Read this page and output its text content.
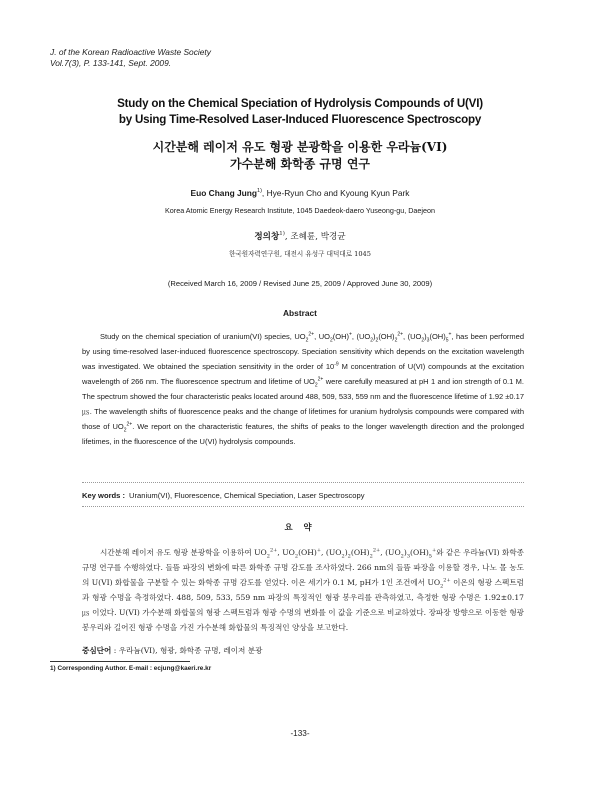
J. of the Korean Radioactive Waste Society
Vol.7(3), P. 133-141, Sept. 2009.
Study on the Chemical Speciation of Hydrolysis Compounds of U(VI)
by Using Time-Resolved Laser-Induced Fluorescence Spectroscopy
시간분해 레이저 유도 형광 분광학을 이용한 우라늄(VI)
가수분해 화학종 규명 연구
Euo Chang Jung$^{1)}$, Hye-Ryun Cho and Kyoung Kyun Park
Korea Atomic Energy Research Institute, 1045 Daedeok-daero Yuseong-gu, Daejeon
정의창$^{1)}$, 조혜륜, 박경균
한국원자력연구원, 대전시 유성구 대덕대로 1045
(Received March 16, 2009 / Revised June 25, 2009 / Approved June 30, 2009)
Abstract

Study on the chemical speciation of uranium(VI) species, $UO_2^{2+}$, $UO_2(OH)^+$, $(UO_2)_2(OH)_2^{2+}$, $(UO_2)_3(OH)_5^+$, has been performed by using time-resolved laser-induced fluorescence spectroscopy. Speciation sensitivity which depends on the excitation wavelength was investigated. We obtained the speciation sensitivity in the order of $10^{-9}$ M concentration of U(VI) compounds at the excitation wavelength of 266 nm. The fluorescence spectrum and lifetime of $UO_2^{2+}$ were carefully measured at pH 1 and ion strength of 0.1 M. The spectrum showed the four characteristic peaks located around 488, 509, 533, 559 nm and the fluorescence lifetime of 1.92 ±0.17 ㎲. The wavelength shifts of fluorescence peaks and the change of lifetimes for uranium hydrolysis compounds were compared with those of $UO_2^{2+}$. We report on the characteristic features, the shifts of peaks to the longer wavelength direction and the prolonged lifetimes, in the fluorescence of the U(VI) hydrolysis compounds.

Key words : Uranium(VI), Fluorescence, Chemical Speciation, Laser Spectroscopy
요 약

시간분해 레이저 유도 형광 분광학을 이용하여 $UO_2^{2+}$, $UO_2(OH)^+$, $(UO_2)_2(OH)_2^{2+}$, $(UO_2)_3(OH)_5^+$와 같은 우라늄(VI) 화학종 규명 연구를 수행하였다. 들뜸 파장의 변화에 따른 화학종 규명 감도를 조사하였다. 266 nm의 들뜸 파장을 이용할 경우, 나노 몰 농도의 U(VI) 화합물을 구분할 수 있는 화학종 규명 감도를 얻었다. 이온 세기가 0.1 M, pH가 1인 조건에서 $UO_2^{2+}$ 이온의 형광 스펙트럼과 형광 수명을 측정하였다. 488, 509, 533, 559 nm 파장의 특징적인 형광 봉우리를 관측하였고, 측정한 형광 수명은 1.92±0.17 ㎲ 이었다. U(VI) 가수분해 화합물의 형광 스펙트럼과 형광 수명의 변화를 이 값을 기준으로 비교하였다. 장파장 방향으로 이동한 형광 봉우리와 길어진 형광 수명을 가진 가수분해 화합물의 특징적인 양상을 보고한다.

중심단어 : 우라늄(VI), 형광, 화학종 규명, 레이저 분광
1) Corresponding Author. E-mail : ecjung@kaeri.re.kr
-133-
